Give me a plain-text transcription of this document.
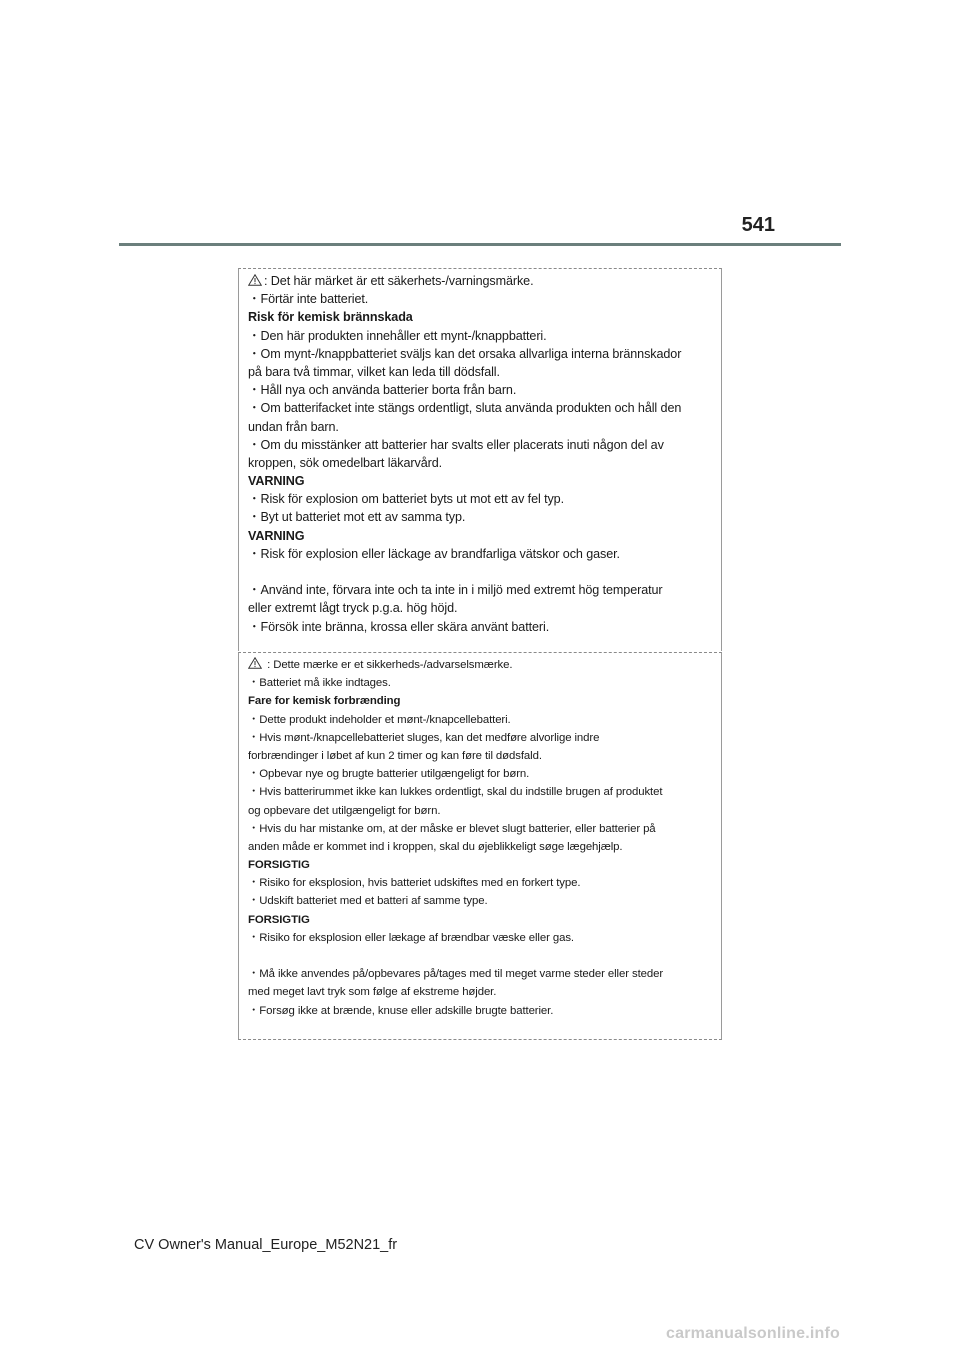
541

: Det här märket är ett säkerhets-/varningsmärke.

・Förtär inte batteriet.

Risk för kemisk brännskada

・Den här produkten innehåller ett mynt-/knappbatteri.

・Om mynt-/knappbatteriet sväljs kan det orsaka allvarliga interna brännskador

på bara två timmar, vilket kan leda till dödsfall.

・Håll nya och använda batterier borta från barn.

・Om batterifacket inte stängs ordentligt, sluta använda produkten och håll den

undan från barn.

・Om du misstänker att batterier har svalts eller placerats inuti någon del av

kroppen, sök omedelbart läkarvård.

VARNING

・Risk för explosion om batteriet byts ut mot ett av fel typ.

・Byt ut batteriet mot ett av samma typ.

VARNING

・Risk för explosion eller läckage av brandfarliga vätskor och gaser.

・Använd inte, förvara inte och ta inte in i miljö med extremt hög temperatur

eller extremt lågt tryck p.g.a. hög höjd.

・Försök inte bränna, krossa eller skära använt batteri.

: Dette mærke er et sikkerheds-/advarselsmærke.

・Batteriet må ikke indtages.

Fare for kemisk forbrænding

・Dette produkt indeholder et mønt-/knapcellebatteri.

・Hvis mønt-/knapcellebatteriet sluges, kan det medføre alvorlige indre

forbrændinger i løbet af kun 2 timer og kan føre til dødsfald.

・Opbevar nye og brugte batterier utilgængeligt for børn.

・Hvis batterirummet ikke kan lukkes ordentligt, skal du indstille brugen af produktet

og opbevare det utilgængeligt for børn.

・Hvis du har mistanke om, at der måske er blevet slugt batterier, eller batterier på

anden måde er kommet ind i kroppen, skal du øjeblikkeligt søge lægehjælp.

FORSIGTIG

・Risiko for eksplosion, hvis batteriet udskiftes med en forkert type.

・Udskift batteriet med et batteri af samme type.

FORSIGTIG

・Risiko for eksplosion eller lækage af brændbar væske eller gas.

・Må ikke anvendes på/opbevares på/tages med til meget varme steder eller steder

med meget lavt tryk som følge af ekstreme højder.

・Forsøg ikke at brænde, knuse eller adskille brugte batterier.

CV Owner's Manual_Europe_M52N21_fr
carmanualsonline.info
